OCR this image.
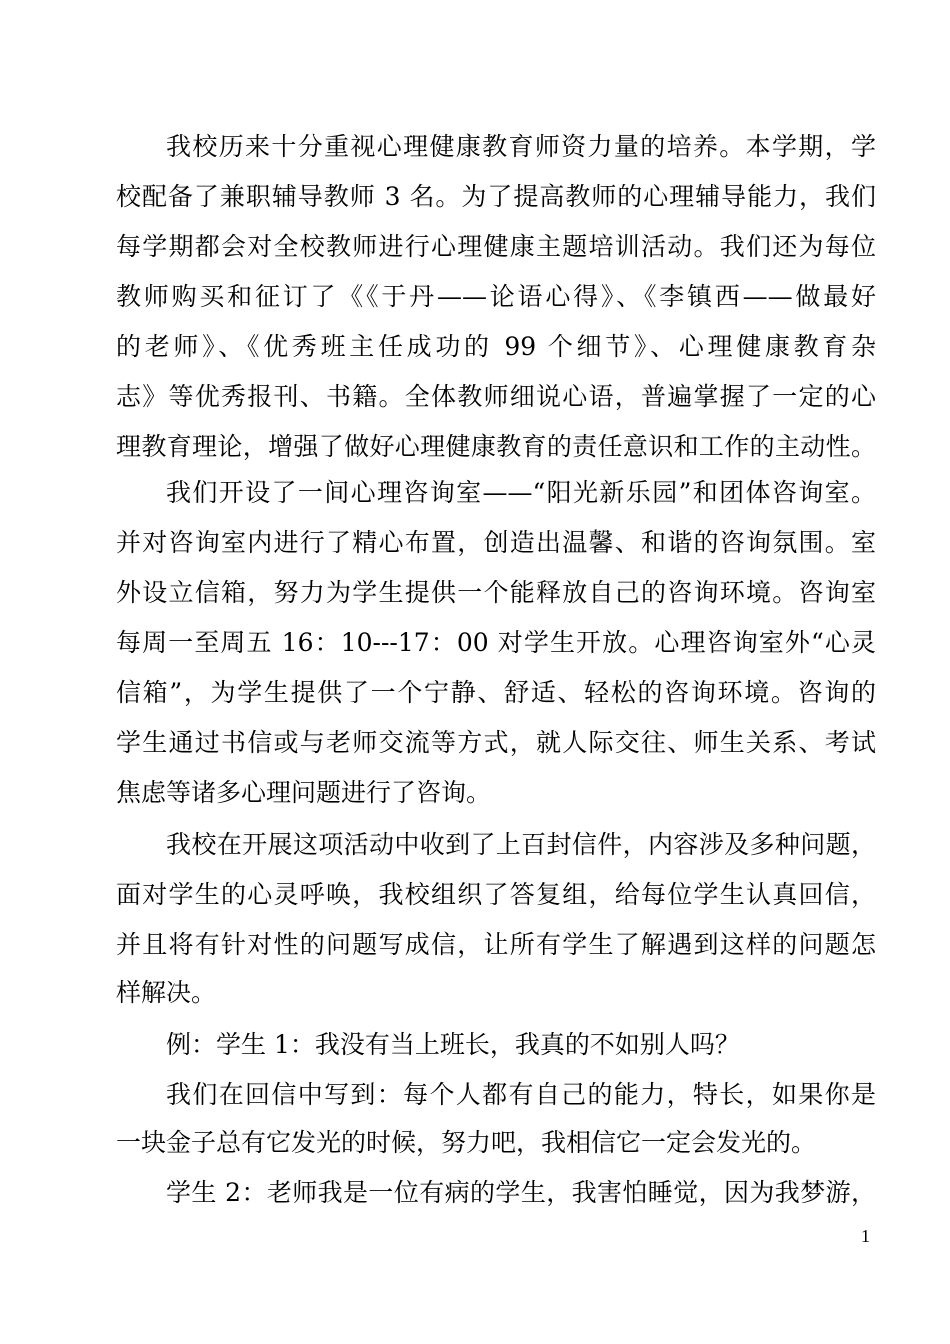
我校历来十分重视心理健康教育师资力量的培养。本学期，学
校配备了兼职辅导教师 3 名。为了提高教师的心理辅导能力，我们
每学期都会对全校教师进行心理健康主题培训活动。我们还为每位
教师购买和征订了《《于丹——论语心得》、《李镇西——做最好
的老师》、《优秀班主任成功的 99 个细节》、心理健康教育杂
志》等优秀报刊、书籍。全体教师细说心语，普遍掌握了一定的心
理教育理论，增强了做好心理健康教育的责任意识和工作的主动性。
我们开设了一间心理咨询室——“阳光新乐园”和团体咨询室。
并对咨询室内进行了精心布置，创造出温馨、和谐的咨询氛围。室
外设立信箱，努力为学生提供一个能释放自己的咨询环境。咨询室
每周一至周五 16：10---17：00 对学生开放。心理咨询室外“心灵
信箱”，为学生提供了一个宁静、舒适、轻松的咨询环境。咨询的
学生通过书信或与老师交流等方式，就人际交往、师生关系、考试
焦虑等诸多心理问题进行了咨询。
我校在开展这项活动中收到了上百封信件，内容涉及多种问题，
面对学生的心灵呼唤，我校组织了答复组，给每位学生认真回信，
并且将有针对性的问题写成信，让所有学生了解遇到这样的问题怎
样解决。
例：学生 1：我没有当上班长，我真的不如别人吗？
我们在回信中写到：每个人都有自己的能力，特长，如果你是
一块金子总有它发光的时候，努力吧，我相信它一定会发光的。
学生 2：老师我是一位有病的学生，我害怕睡觉，因为我梦游，
1
